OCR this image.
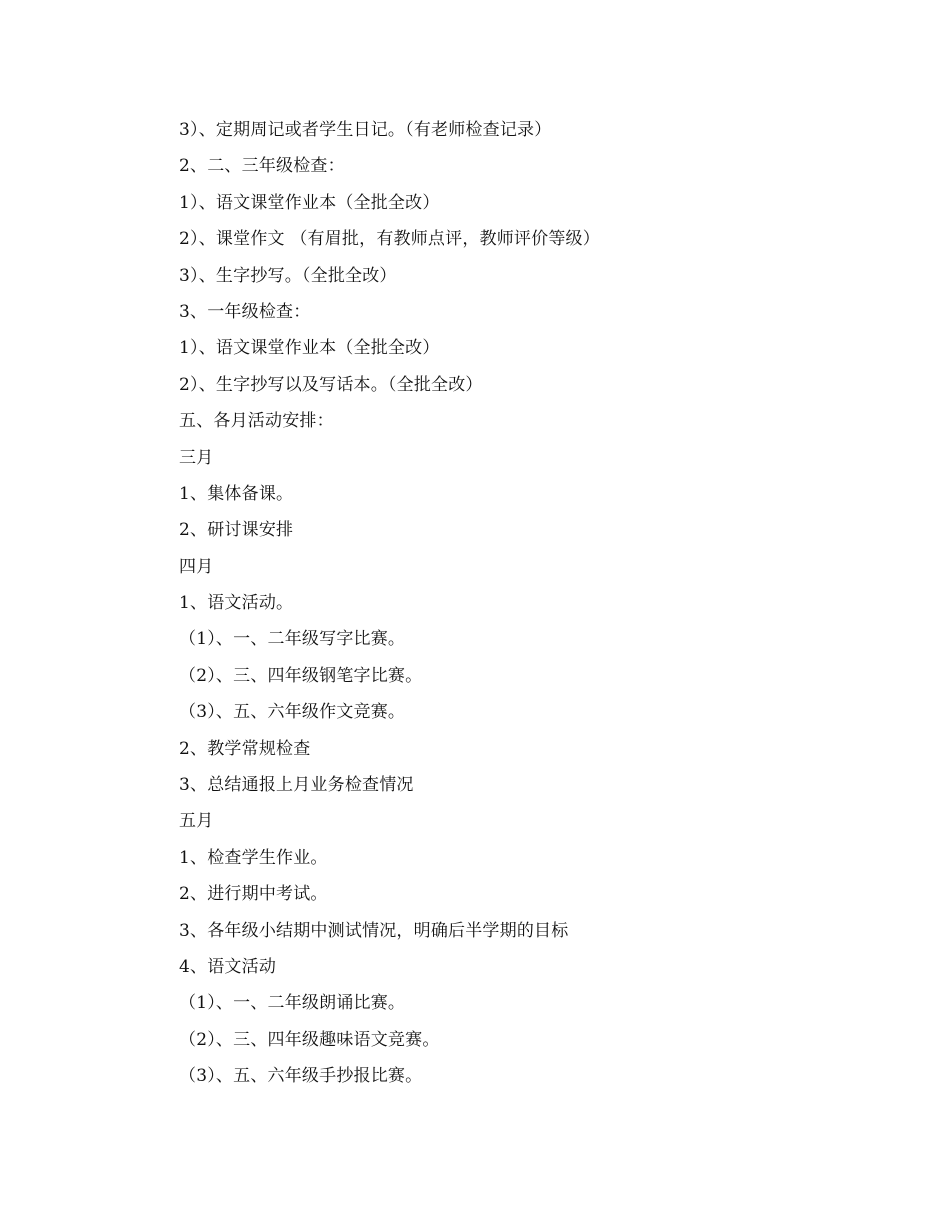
3）、定期周记或者学生日记。（有老师检查记录）
2、二、三年级检查：
1）、语文课堂作业本（全批全改）
2）、课堂作文 （有眉批，有教师点评，教师评价等级）
3）、生字抄写。（全批全改）
3、一年级检查：
1）、语文课堂作业本（全批全改）
2）、生字抄写以及写话本。（全批全改）
五、各月活动安排：
三月
1、集体备课。
2、研讨课安排
四月
1、语文活动。
（1）、一、二年级写字比赛。
（2）、三、四年级钢笔字比赛。
（3）、五、六年级作文竞赛。
2、教学常规检查
3、总结通报上月业务检查情况
五月
1、检查学生作业。
2、进行期中考试。
3、各年级小结期中测试情况，明确后半学期的目标
4、语文活动
（1）、一、二年级朗诵比赛。
（2）、三、四年级趣味语文竞赛。
（3）、五、六年级手抄报比赛。
